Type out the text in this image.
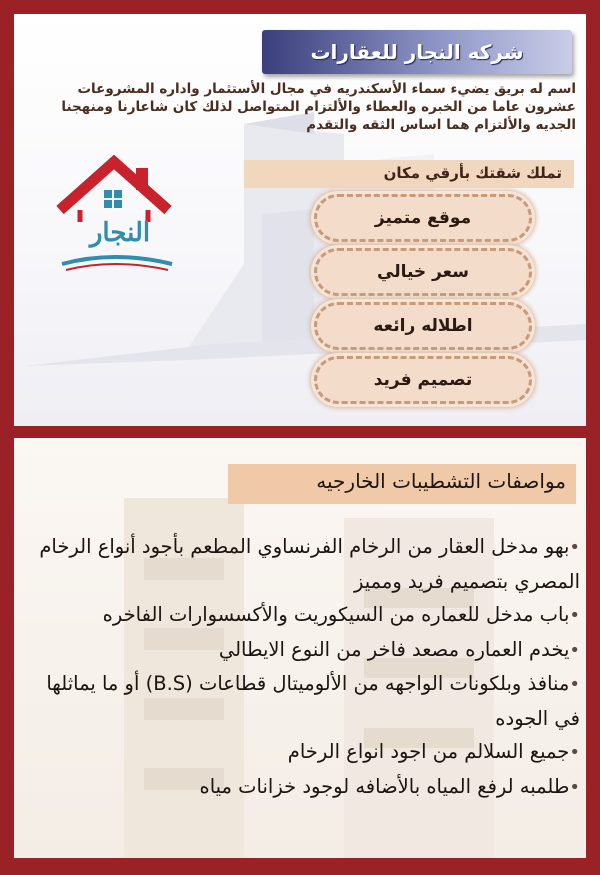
شركه النجار للعقارات

اسم له بريق يضيء سماء الأسكندريه في مجال الأستثمار واداره المشروعات عشرون عاما من الخبره والعطاء والألتزام المتواصل لذلك كان شاعارنا ومنهجنا الجديه والألتزام هما اساس الثقه والتقدم

تملك شقتك بأرقي مكان
النجار	موقع متميز
سعر خيالي
اطلاله رائعه
تصميم فريد
مواصفات التشطيبات الخارجيه
•بهو مدخل العقار من الرخام الفرنساوي المطعم بأجود أنواع الرخام المصري بتصميم فريد ومميز
•باب مدخل للعماره من السيكوريت والأكسسوارات الفاخره
•يخدم العماره مصعد فاخر من النوع الايطالي
•منافذ وبلكونات الواجهه من الألوميتال قطاعات (B.S) أو ما يماثلها في الجوده
•جميع السلالم من اجود انواع الرخام
•طلمبه لرفع المياه بالأضافه لوجود خزانات مياه
